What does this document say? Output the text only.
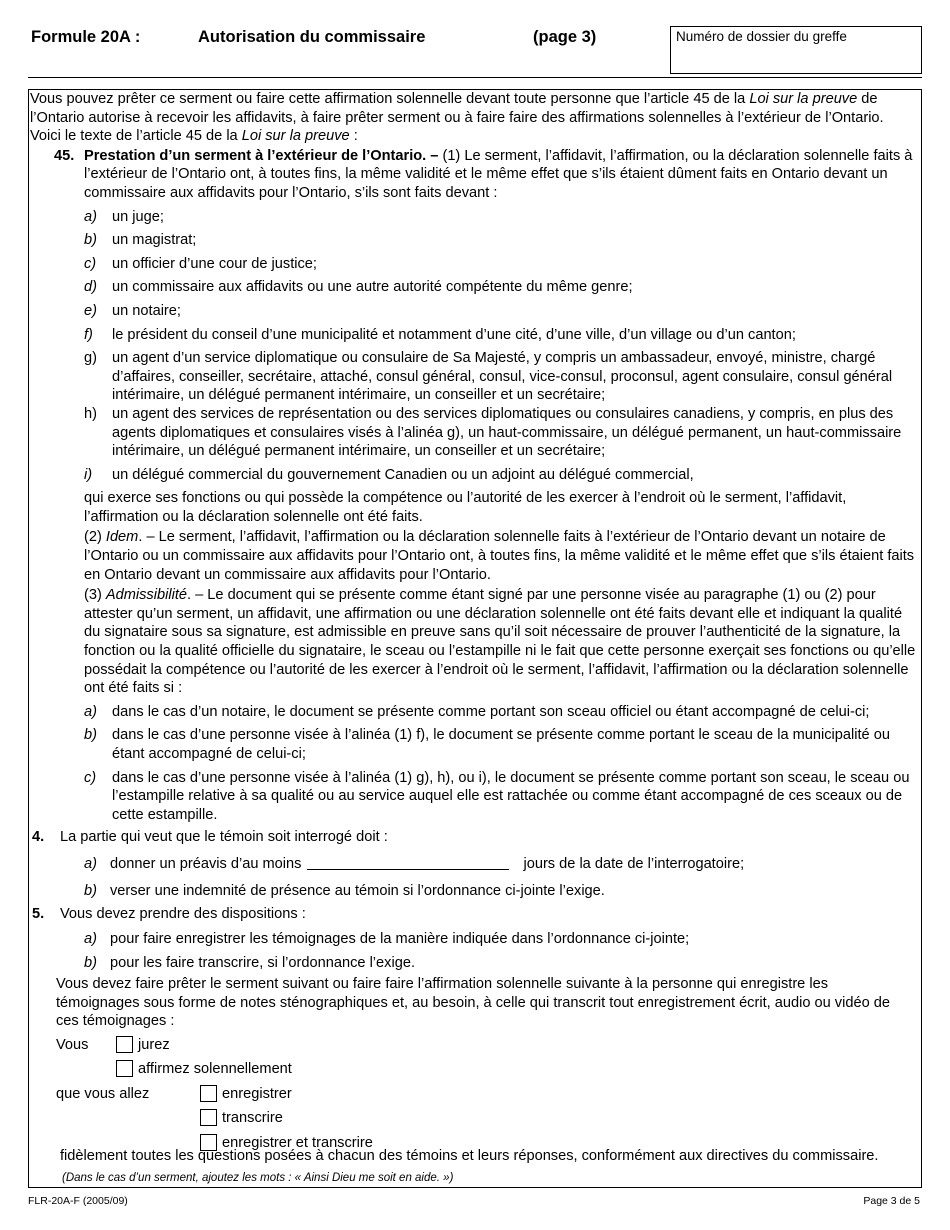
Formule 20A :	Autorisation du commissaire	(page 3)	Numéro de dossier du greffe

Vous pouvez prêter ce serment ou faire cette affirmation solennelle devant toute personne que l’article 45 de la Loi sur la preuve de l’Ontario autorise à recevoir les affidavits, à faire prêter serment ou à faire faire des affirmations solennelles à l’extérieur de l’Ontario. Voici le texte de l’article 45 de la Loi sur la preuve :

45. Prestation d’un serment à l’extérieur de l’Ontario. – (1) Le serment, l’affidavit, l’affirmation, ou la déclaration solennelle faits à l’extérieur de l’Ontario ont, à toutes fins, la même validité et le même effet que s’ils étaient dûment faits en Ontario devant un commissaire aux affidavits pour l’Ontario, s’ils sont faits devant :

a) un juge;
b) un magistrat;
c) un officier d’une cour de justice;
d) un commissaire aux affidavits ou une autre autorité compétente du même genre;
e) un notaire;
f) le président du conseil d’une municipalité et notamment d’une cité, d’une ville, d’un village ou d’un canton;
g) un agent d’un service diplomatique ou consulaire de Sa Majesté, y compris un ambassadeur, envoyé, ministre, chargé d’affaires, conseiller, secrétaire, attaché, consul général, consul, vice-consul, proconsul, agent consulaire, consul général intérimaire, un délégué permanent intérimaire, un conseiller et un secrétaire;
h) un agent des services de représentation ou des services diplomatiques ou consulaires canadiens, y compris, en plus des agents diplomatiques et consulaires visés à l’alinéa g), un haut-commissaire, un délégué permanent, un haut-commissaire intérimaire, un délégué permanent intérimaire, un conseiller et un secrétaire;
i) un délégué commercial du gouvernement Canadien ou un adjoint au délégué commercial,

qui exerce ses fonctions ou qui possède la compétence ou l’autorité de les exercer à l’endroit où le serment, l’affidavit, l’affirmation ou la déclaration solennelle ont été faits.

(2) Idem. – Le serment, l’affidavit, l’affirmation ou la déclaration solennelle faits à l’extérieur de l’Ontario devant un notaire de l’Ontario ou un commissaire aux affidavits pour l’Ontario ont, à toutes fins, la même validité et le même effet que s’ils étaient faits en Ontario devant un commissaire aux affidavits pour l’Ontario.

(3) Admissibilité. – Le document qui se présente comme étant signé par une personne visée au paragraphe (1) ou (2) pour attester qu’un serment, un affidavit, une affirmation ou une déclaration solennelle ont été faits devant elle et indiquant la qualité du signataire sous sa signature, est admissible en preuve sans qu’il soit nécessaire de prouver l’authenticité de la signature, la fonction ou la qualité officielle du signataire, le sceau ou l’estampille ni le fait que cette personne exerçait ses fonctions ou qu’elle possédait la compétence ou l’autorité de les exercer à l’endroit où le serment, l’affidavit, l’affirmation ou la déclaration solennelle ont été faits si :

a) dans le cas d’un notaire, le document se présente comme portant son sceau officiel ou étant accompagné de celui-ci;
b) dans le cas d’une personne visée à l’alinéa (1) f), le document se présente comme portant le sceau de la municipalité ou étant accompagné de celui-ci;
c) dans le cas d’une personne visée à l’alinéa (1) g), h), ou i), le document se présente comme portant son sceau, le sceau ou l’estampille relative à sa qualité ou au service auquel elle est rattachée ou comme étant accompagné de ces sceaux ou de cette estampille.
4. La partie qui veut que le témoin soit interrogé doit :
a) donner un préavis d’au moins	jours de la date de l’interrogatoire;
b) verser une indemnité de présence au témoin si l’ordonnance ci-jointe l’exige.
5. Vous devez prendre des dispositions :
a) pour faire enregistrer les témoignages de la manière indiquée dans l’ordonnance ci-jointe;
b) pour les faire transcrire, si l’ordonnance l’exige.

Vous devez faire prêter le serment suivant ou faire faire l’affirmation solennelle suivante à la personne qui enregistre les témoignages sous forme de notes sténographiques et, au besoin, à celle qui transcrit tout enregistrement écrit, audio ou vidéo de ces témoignages :

Vous	jurez
affirmez solennellement
que vous allez	enregistrer
transcrire
enregistrer et transcrire

fidèlement toutes les questions posées à chacun des témoins et leurs réponses, conformément aux directives du commissaire.

(Dans le cas d’un serment, ajoutez les mots : « Ainsi Dieu me soit en aide. »)

FLR-20A-F (2005/09)	Page 3 de 5
